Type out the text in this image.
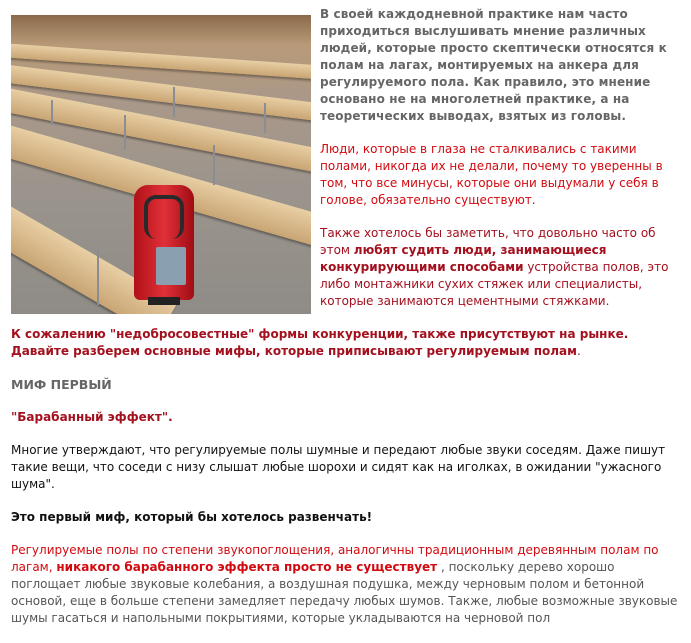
В своей каждодневной практике нам часто приходиться выслушивать мнение различных людей, которые просто скептически относятся к полам на лагах, монтируемых на анкера для регулируемого пола. Как правило, это мнение основано не на многолетней практике, а на теоретических выводах, взятых из головы.

Люди, которые в глаза не сталкивались с такими полами, никогда их не делали, почему то уверенны в том, что все минусы, которые они выдумали у себя в голове, обязательно существуют.

Также хотелось бы заметить, что довольно часто об этом любят судить люди, занимающиеся конкурирующими способами устройства полов, это либо монтажники сухих стяжек или специалисты, которые занимаются цементными стяжками.

К сожалению "недобросовестные" формы конкуренции, также присутствуют на рынке. Давайте разберем основные мифы, которые приписывают регулируемым полам.

МИФ ПЕРВЫЙ

"Барабанный эффект".

Многие утверждают, что регулируемые полы шумные и передают любые звуки соседям. Даже пишут такие вещи, что соседи с низу слышат любые шорохи и сидят как на иголках, в ожидании "ужасного шума".

Это первый миф, который бы хотелось развенчать!

Регулируемые полы по степени звукопоглощения, аналогичны традиционным деревянным полам по лагам, никакого барабанного эффекта просто не существует , поскольку дерево хорошо поглощает любые звуковые колебания, а воздушная подушка, между черновым полом и бетонной основой, еще в больше степени замедляет передачу любых шумов. Также, любые возможные звуковые шумы гасаться и напольными покрытиями, которые укладываются на черновой пол
